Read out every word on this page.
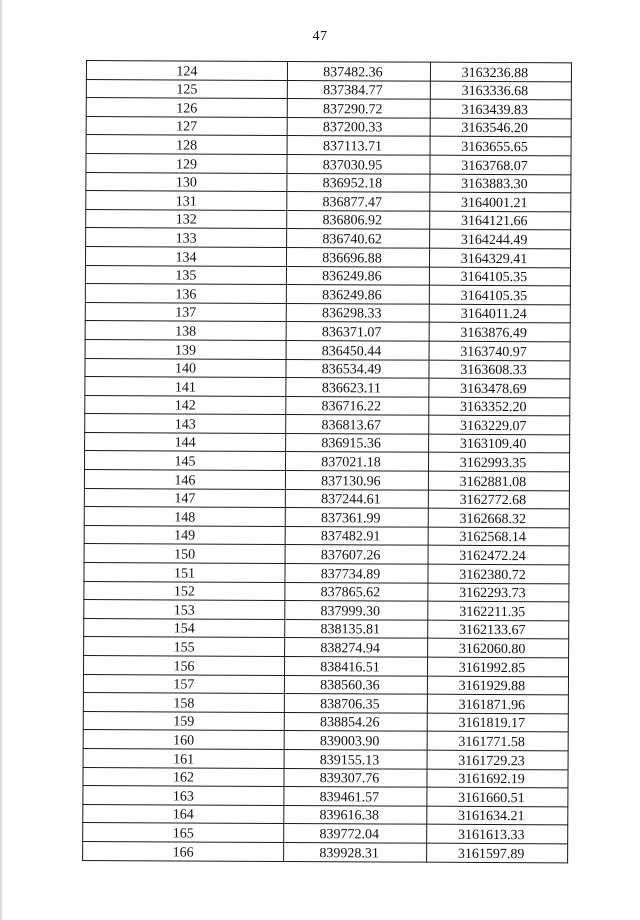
47
124	837482.36	3163236.88
125	837384.77	3163336.68
126	837290.72	3163439.83
127	837200.33	3163546.20
128	837113.71	3163655.65
129	837030.95	3163768.07
130	836952.18	3163883.30
131	836877.47	3164001.21
132	836806.92	3164121.66
133	836740.62	3164244.49
134	836696.88	3164329.41
135	836249.86	3164105.35
136	836249.86	3164105.35
137	836298.33	3164011.24
138	836371.07	3163876.49
139	836450.44	3163740.97
140	836534.49	3163608.33
141	836623.11	3163478.69
142	836716.22	3163352.20
143	836813.67	3163229.07
144	836915.36	3163109.40
145	837021.18	3162993.35
146	837130.96	3162881.08
147	837244.61	3162772.68
148	837361.99	3162668.32
149	837482.91	3162568.14
150	837607.26	3162472.24
151	837734.89	3162380.72
152	837865.62	3162293.73
153	837999.30	3162211.35
154	838135.81	3162133.67
155	838274.94	3162060.80
156	838416.51	3161992.85
157	838560.36	3161929.88
158	838706.35	3161871.96
159	838854.26	3161819.17
160	839003.90	3161771.58
161	839155.13	3161729.23
162	839307.76	3161692.19
163	839461.57	3161660.51
164	839616.38	3161634.21
165	839772.04	3161613.33
166	839928.31	3161597.89
